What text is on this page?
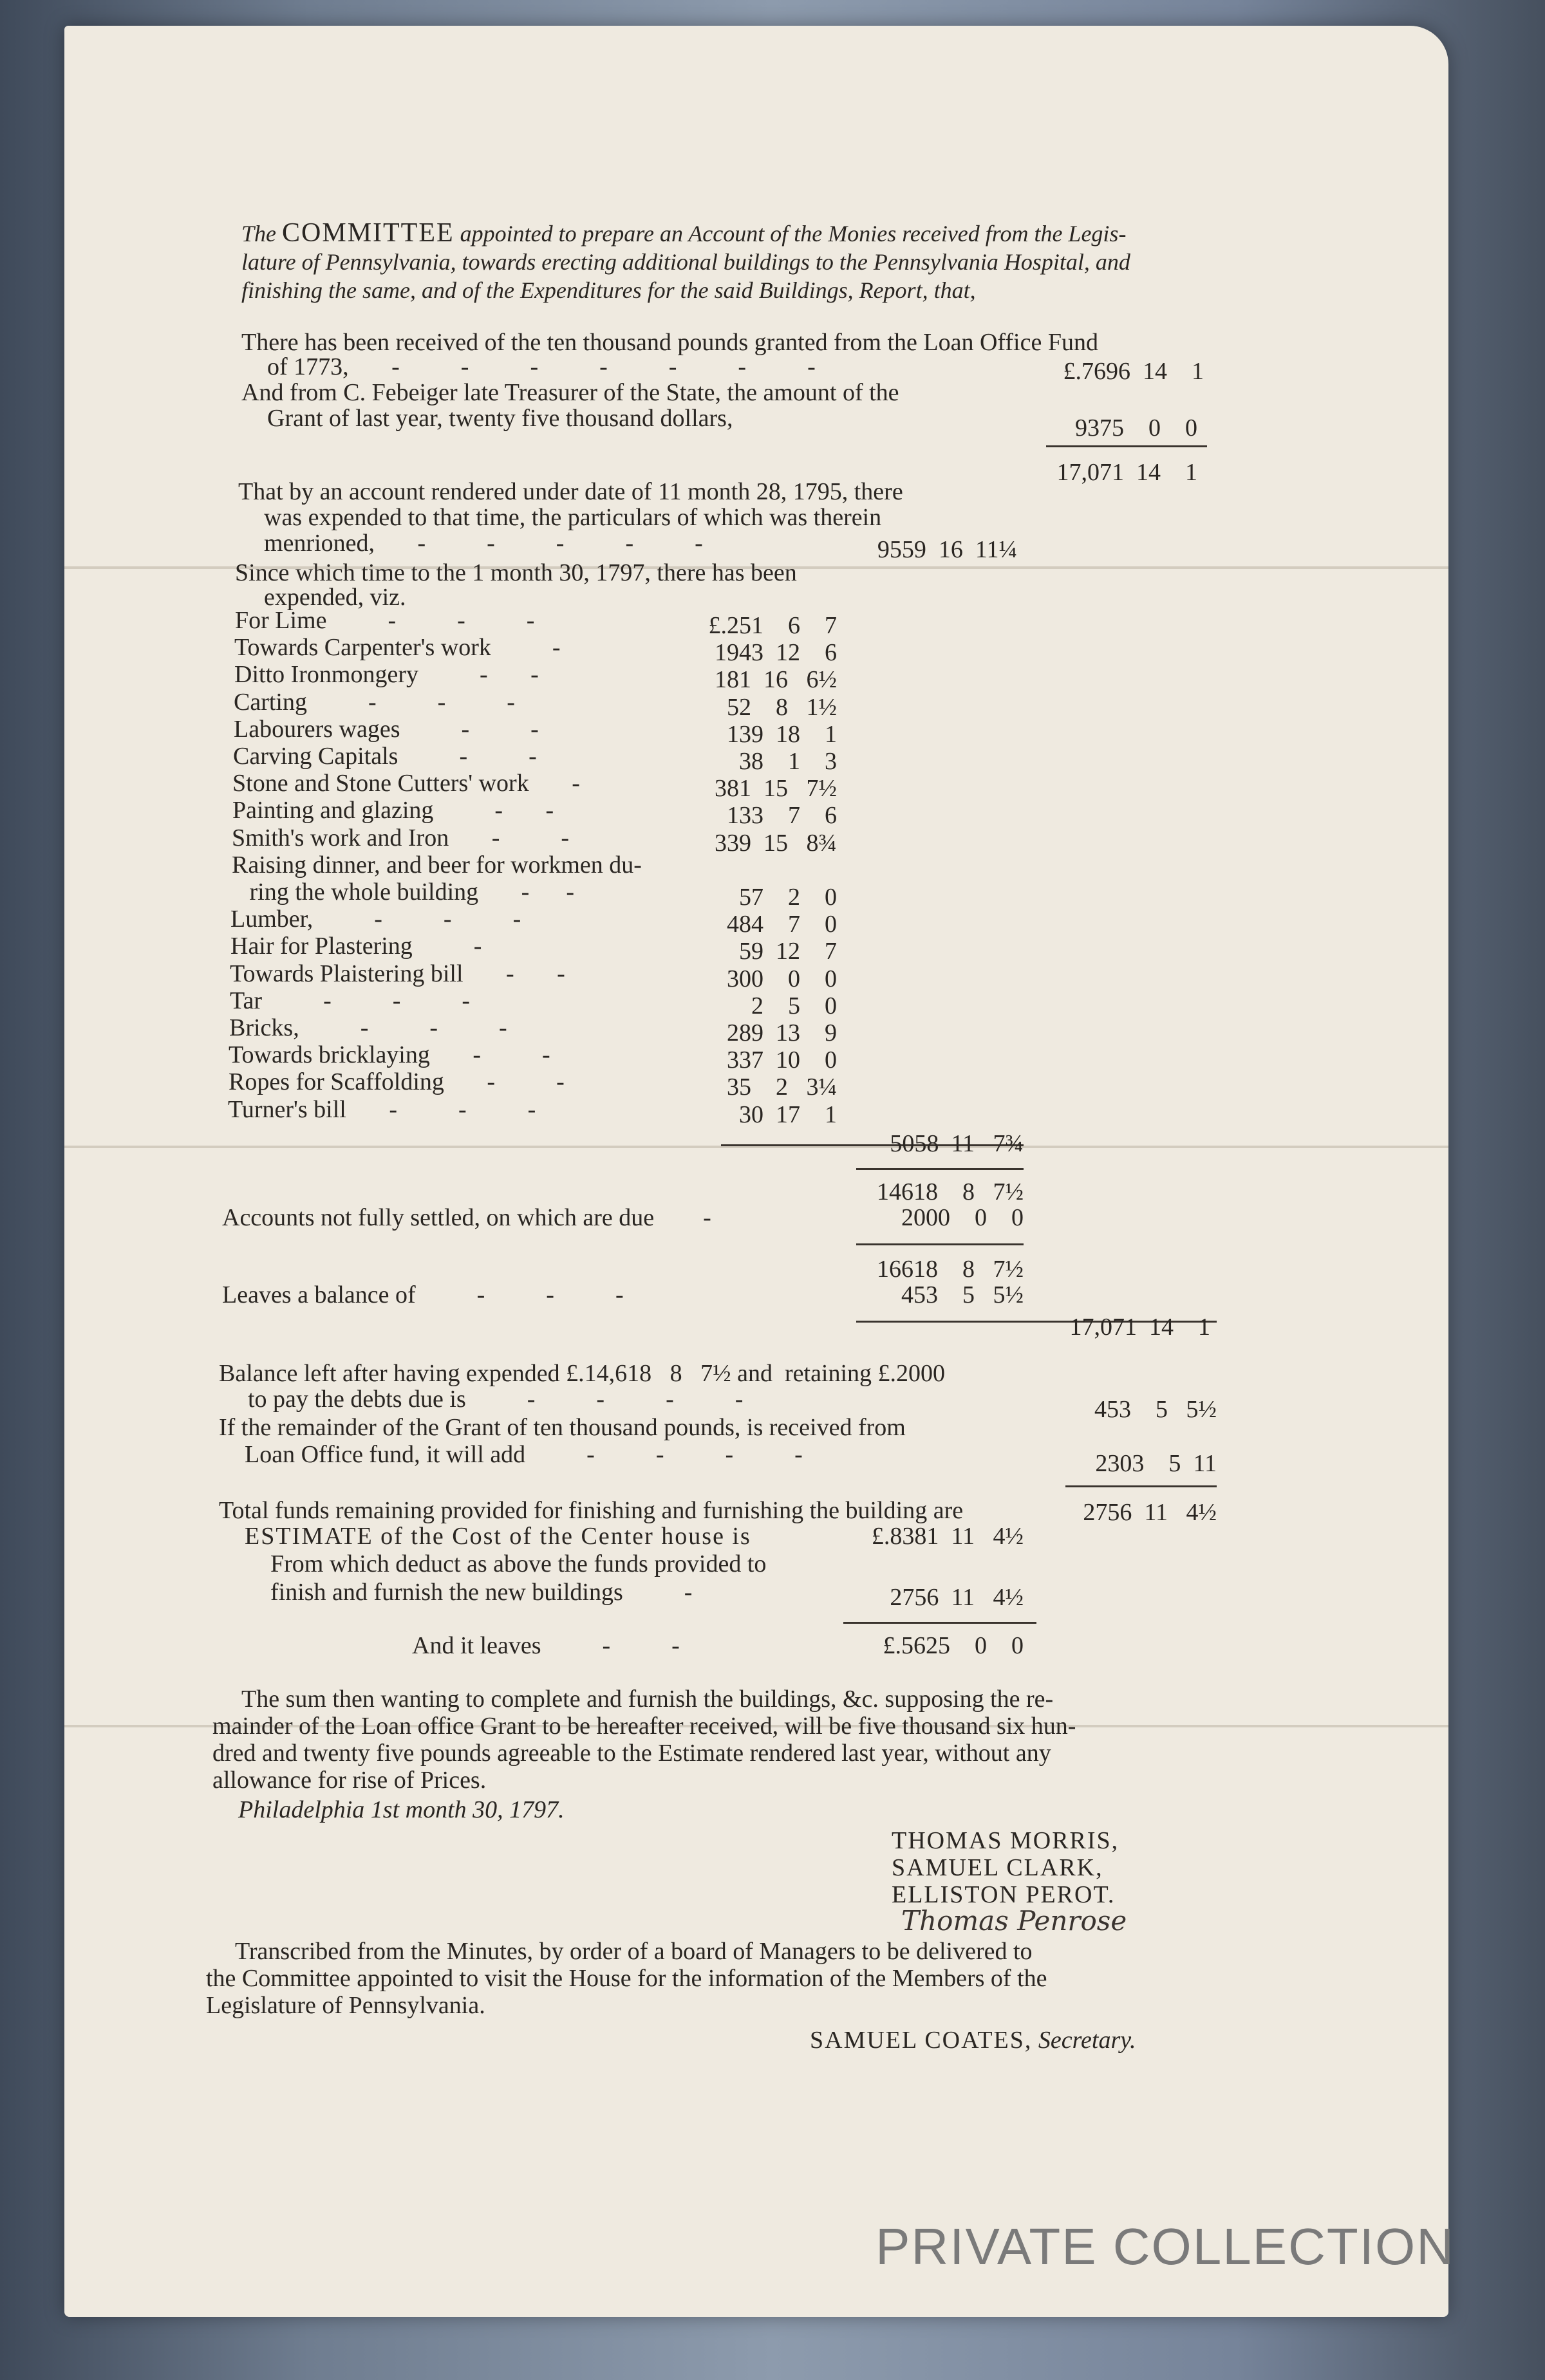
The COMMITTEE appointed to prepare an Account of the Monies received from the Legis-
lature of Pennsylvania, towards erecting additional buildings to the Pennsylvania Hospital, and
finishing the same, and of the Expenditures for the said Buildings, Report, that,
There has been received of the ten thousand pounds granted from the Loan Office Fund
of 1773,       -          -          -          -          -          -          -	£.7696  14    1
And from C. Febeiger late Treasurer of the State, the amount of the
Grant of last year, twenty five thousand dollars,	9375    0    0
17,071  14    1
That by an account rendered under date of 11 month 28, 1795, there
was expended to that time, the particulars of which was therein
menrioned,       -          -          -          -          -	9559  16  11¼
Since which time to the 1 month 30, 1797, there has been
expended, viz.
For Lime          -          -          -	£.251    6    7
Towards Carpenter's work          -	1943  12    6
Ditto Ironmongery          -       -	181  16   6½
Carting          -          -          -	52    8   1½
Labourers wages          -          -	139  18    1
Carving Capitals          -          -	38    1    3
Stone and Stone Cutters' work       -	381  15   7½
Painting and glazing          -       -	133    7    6
Smith's work and Iron       -          -	339  15   8¾
Raising dinner, and beer for workmen du-
ring the whole building       -      -	57    2    0
Lumber,          -          -          -	484    7    0
Hair for Plastering          -	59  12    7
Towards Plaistering bill       -       -	300    0    0
Tar          -          -          -	2    5    0
Bricks,          -          -          -	289  13    9
Towards bricklaying       -          -	337  10    0
Ropes for Scaffolding       -          -	35    2   3¼
Turner's bill       -          -          -	30  17    1
5058  11   7¾
14618    8   7½
Accounts not fully settled, on which are due        -	2000    0    0
16618    8   7½
Leaves a balance of          -          -          -	453    5   5½
17,071  14    1
Balance left after having expended £.14,618   8   7½ and  retaining £.2000
to pay the debts due is          -          -          -          -	453    5   5½
If the remainder of the Grant of ten thousand pounds, is received from
Loan Office fund, it will add          -          -          -          -	2303    5  11
Total funds remaining provided for finishing and furnishing the building are	2756  11   4½
ESTIMATE of the Cost of the Center house is	£.8381  11   4½
From which deduct as above the funds provided to
finish and furnish the new buildings          -	2756  11   4½
And it leaves          -          -	£.5625    0    0
The sum then wanting to complete and furnish the buildings, &c. supposing the re-
mainder of the Loan office Grant to be hereafter received, will be five thousand six hun-
dred and twenty five pounds agreeable to the Estimate rendered last year, without any
allowance for rise of Prices.
Philadelphia 1st month 30, 1797.
THOMAS MORRIS,
SAMUEL CLARK,
ELLISTON PEROT.
Thomas Penrose
Transcribed from the Minutes, by order of a board of Managers to be delivered to
the Committee appointed to visit the House for the information of the Members of the
Legislature of Pennsylvania.
SAMUEL COATES, Secretary.
PRIVATE COLLECTION
